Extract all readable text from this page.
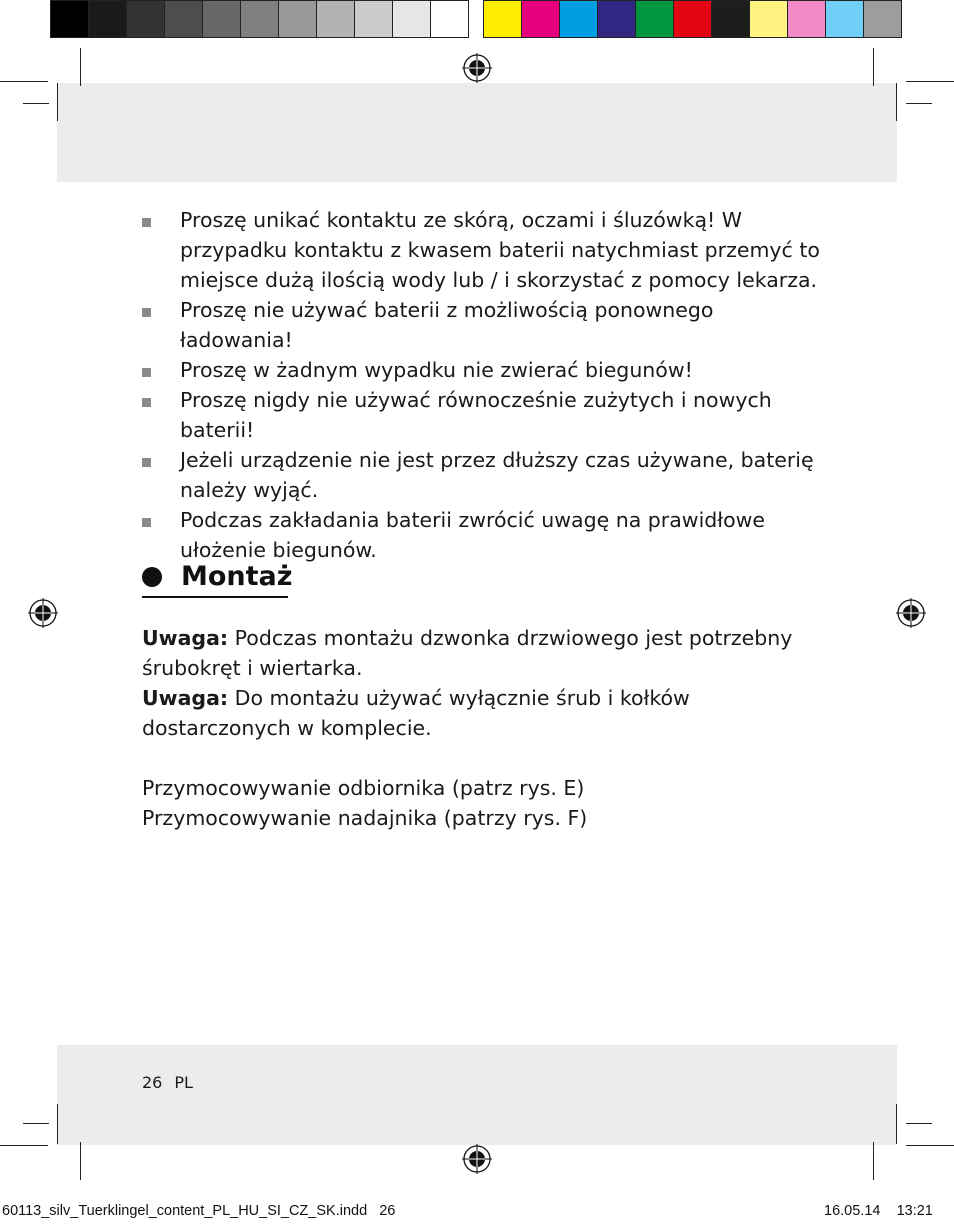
Proszę unikać kontaktu ze skórą, oczami i śluzówką! W przypadku kontaktu z kwasem baterii natychmiast przemyć to miejsce dużą ilością wody lub / i skorzystać z pomocy lekarza.
Proszę nie używać baterii z możliwością ponownego ładowania!
Proszę w żadnym wypadku nie zwierać biegunów!
Proszę nigdy nie używać równocześnie zużytych i nowych baterii!
Jeżeli urządzenie nie jest przez dłuższy czas używane, baterię należy wyjąć.
Podczas zakładania baterii zwrócić uwagę na prawidłowe ułożenie biegunów.
Montaż

Uwaga: Podczas montażu dzwonka drzwiowego jest potrzebny śrubokręt i wiertarka.

Uwaga: Do montażu używać wyłącznie śrub i kołków dostarczonych w komplecie.

Przymocowywanie odbiornika (patrz rys. E)

Przymocowywanie nadajnika (patrzy rys. F)

26 PL
60113_silv_Tuerklingel_content_PL_HU_SI_CZ_SK.indd   26	16.05.14 13:21
